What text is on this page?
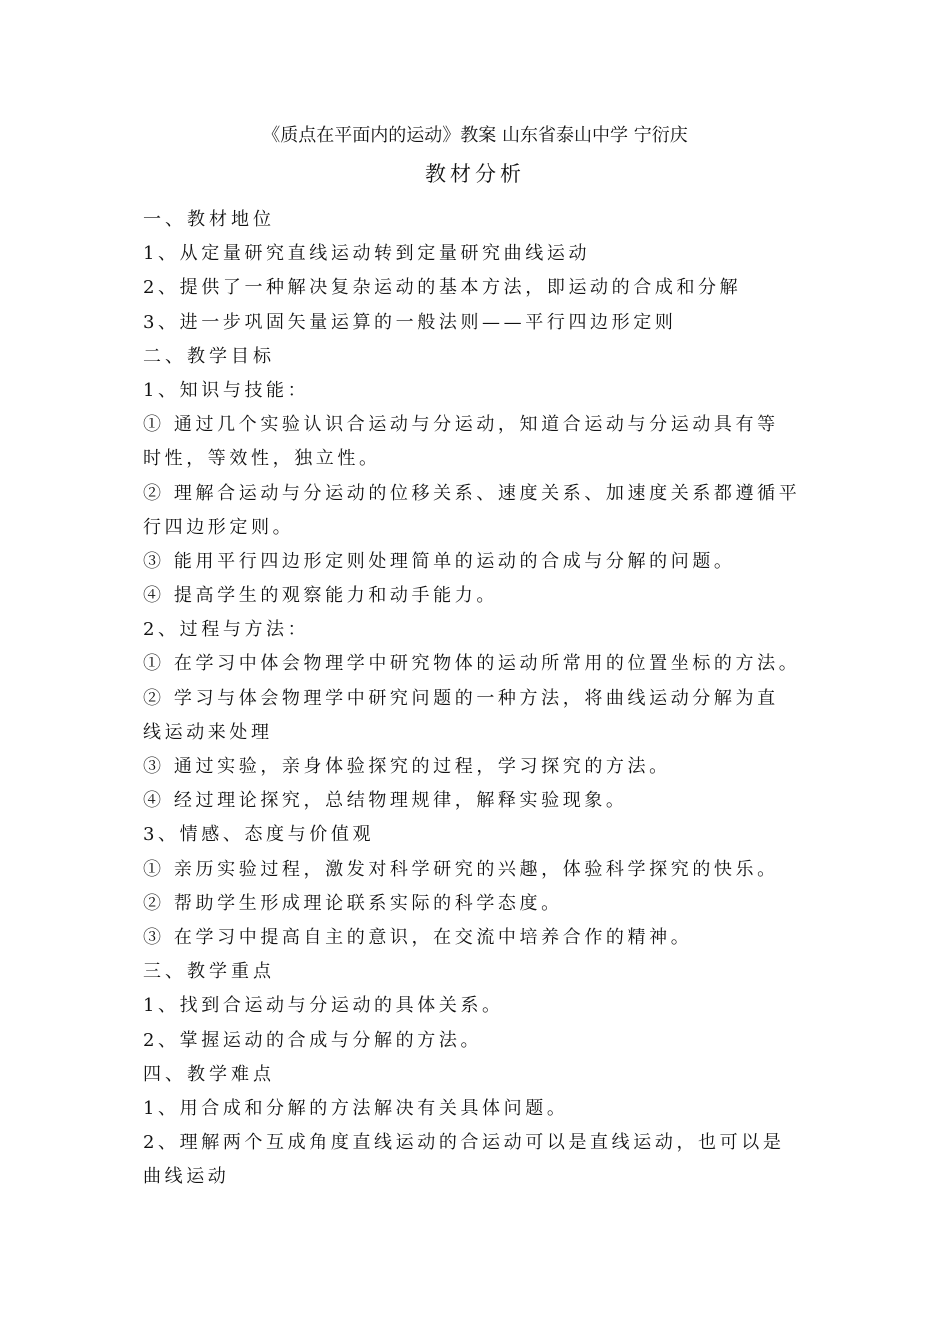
《质点在平面内的运动》教案 山东省泰山中学 宁衍庆
教材分析
一、教材地位
1、从定量研究直线运动转到定量研究曲线运动
2、提供了一种解决复杂运动的基本方法，即运动的合成和分解
3、进一步巩固矢量运算的一般法则——平行四边形定则
二、教学目标
1、知识与技能：
① 通过几个实验认识合运动与分运动，知道合运动与分运动具有等
时性，等效性，独立性。
② 理解合运动与分运动的位移关系、速度关系、加速度关系都遵循平
行四边形定则。
③ 能用平行四边形定则处理简单的运动的合成与分解的问题。
④ 提高学生的观察能力和动手能力。
2、过程与方法：
① 在学习中体会物理学中研究物体的运动所常用的位置坐标的方法。
② 学习与体会物理学中研究问题的一种方法，将曲线运动分解为直
线运动来处理
③ 通过实验，亲身体验探究的过程，学习探究的方法。
④ 经过理论探究，总结物理规律，解释实验现象。
3、情感、态度与价值观
① 亲历实验过程，激发对科学研究的兴趣，体验科学探究的快乐。
② 帮助学生形成理论联系实际的科学态度。
③ 在学习中提高自主的意识，在交流中培养合作的精神。
三、教学重点
1、找到合运动与分运动的具体关系。
2、掌握运动的合成与分解的方法。
四、教学难点
1、用合成和分解的方法解决有关具体问题。
2、理解两个互成角度直线运动的合运动可以是直线运动，也可以是
曲线运动
